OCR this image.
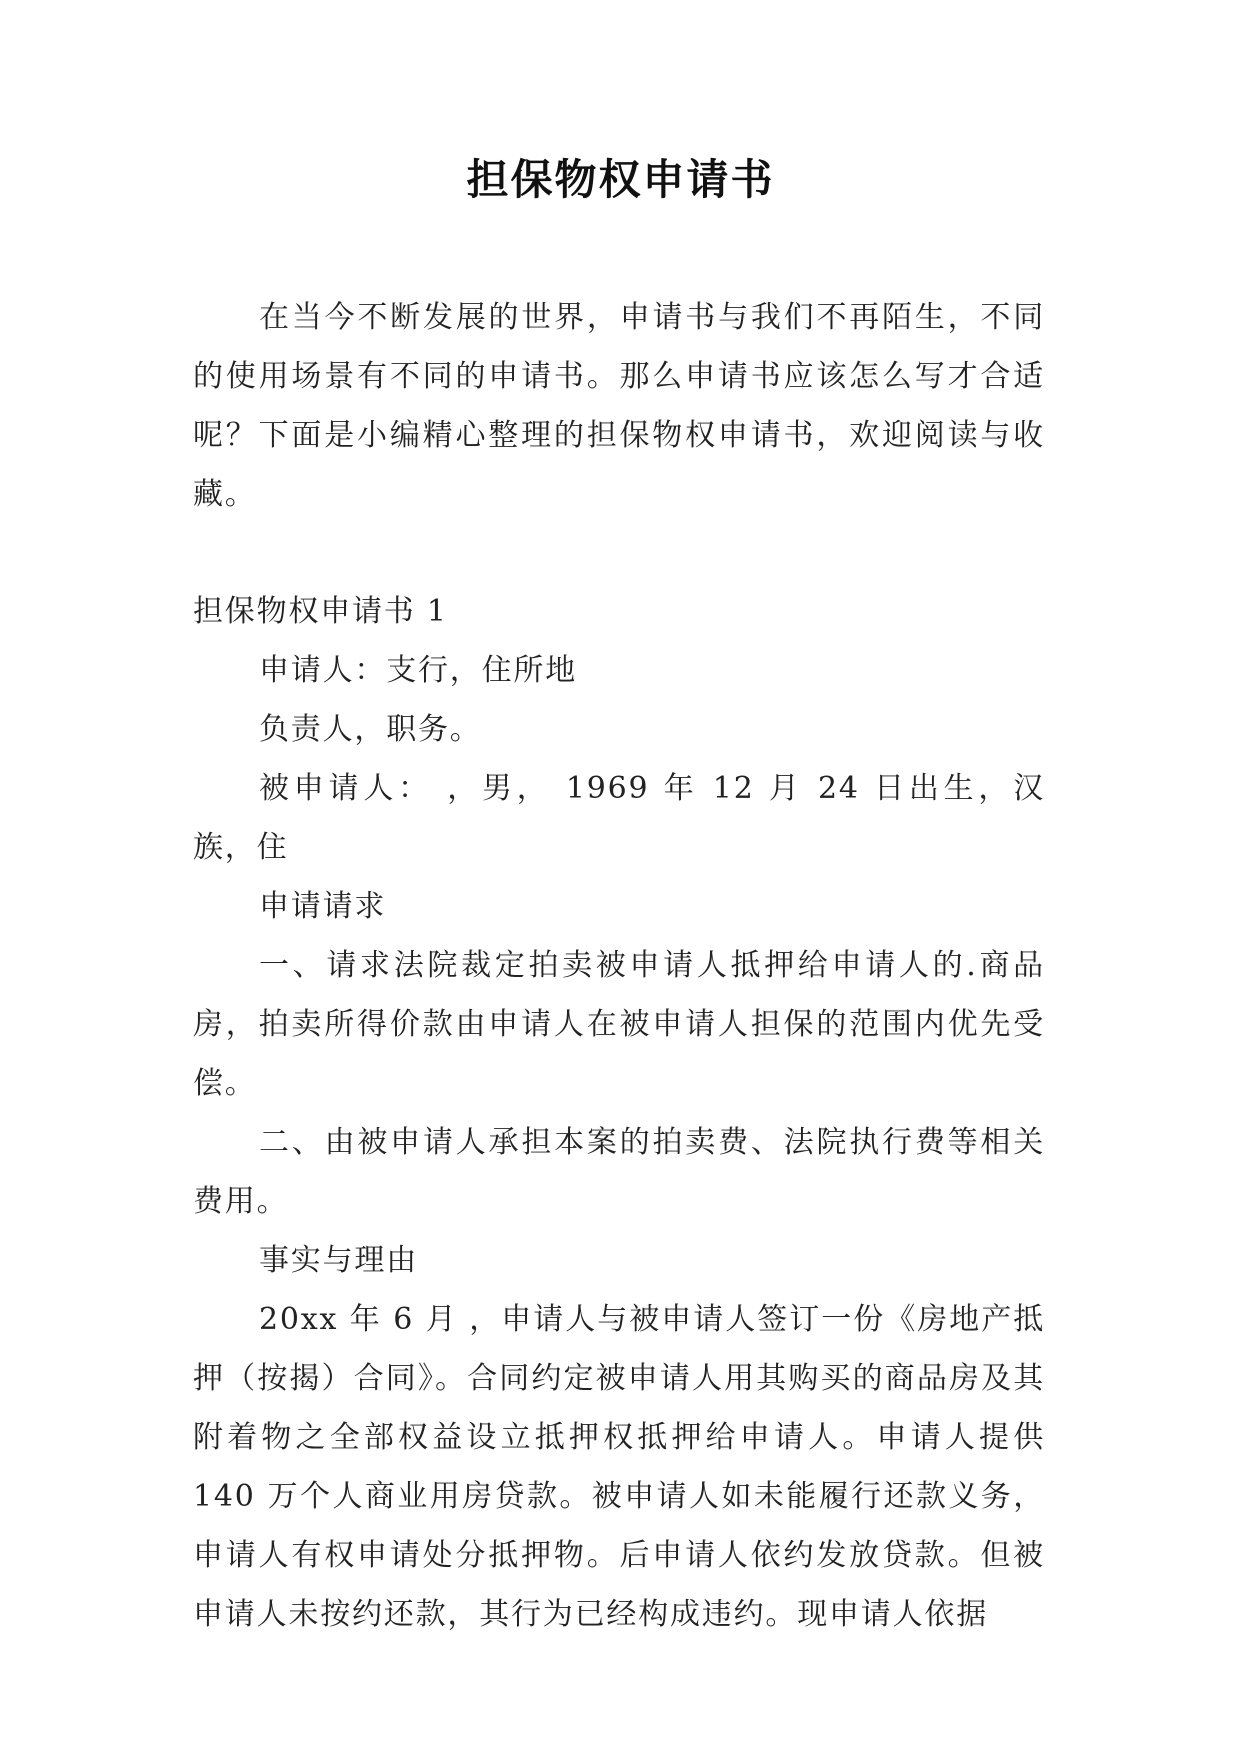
担保物权申请书

在当今不断发展的世界，申请书与我们不再陌生，不同的使用场景有不同的申请书。那么申请书应该怎么写才合适呢？下面是小编精心整理的担保物权申请书，欢迎阅读与收藏。

担保物权申请书 1

申请人：支行，住所地

负责人，职务。

被申请人： ，男， 1969 年 12 月 24 日出生，汉族，住

申请请求

一、请求法院裁定拍卖被申请人抵押给申请人的.商品房，拍卖所得价款由申请人在被申请人担保的范围内优先受偿。

二、由被申请人承担本案的拍卖费、法院执行费等相关费用。

事实与理由

20xx 年 6 月 ，申请人与被申请人签订一份《房地产抵押（按揭）合同》。合同约定被申请人用其购买的商品房及其附着物之全部权益设立抵押权抵押给申请人。申请人提供 140 万个人商业用房贷款。被申请人如未能履行还款义务，申请人有权申请处分抵押物。后申请人依约发放贷款。但被申请人未按约还款，其行为已经构成违约。现申请人依据
